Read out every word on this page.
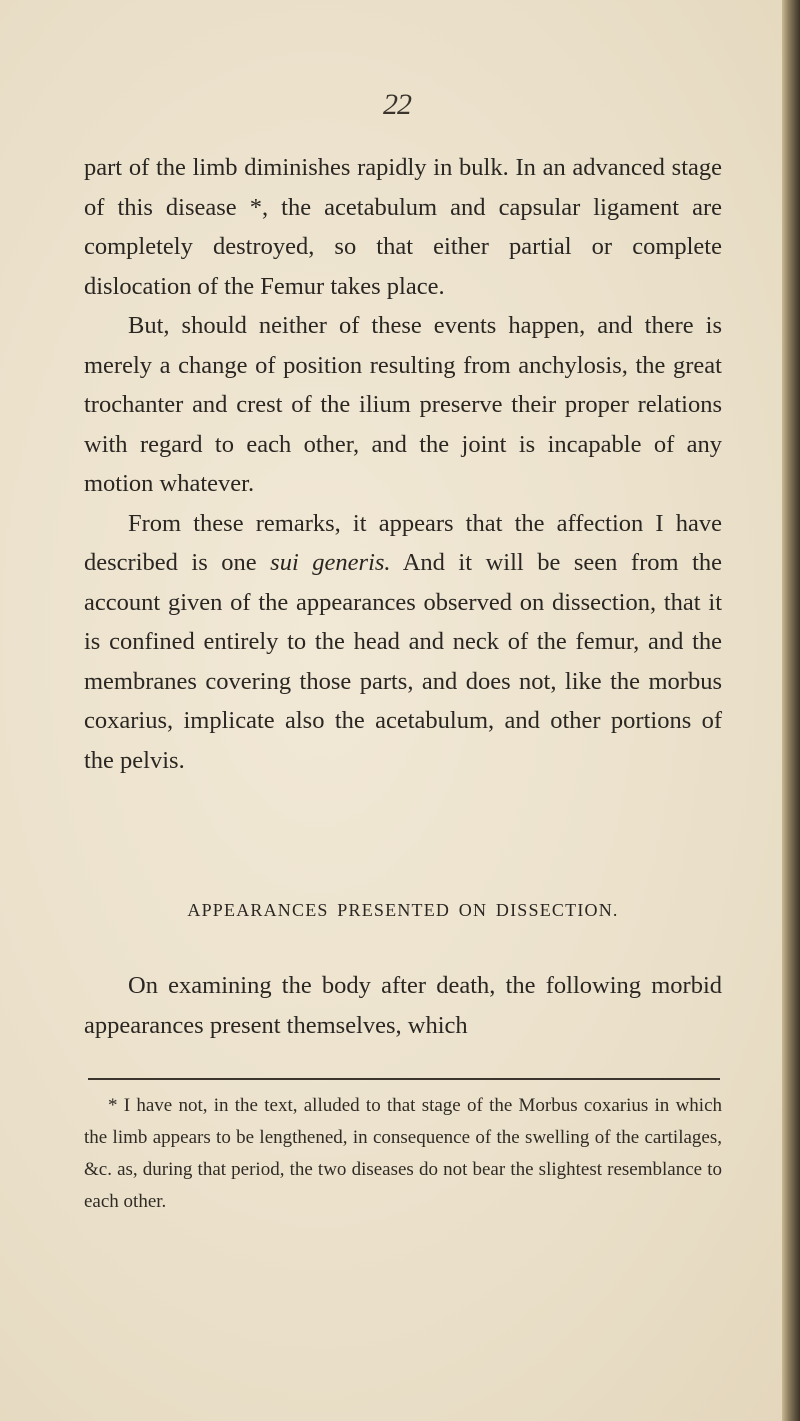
22

part of the limb diminishes rapidly in bulk. In an advanced stage of this disease *, the acetabulum and capsular ligament are completely destroyed, so that either partial or complete dislocation of the Femur takes place.

But, should neither of these events happen, and there is merely a change of position resulting from anchylosis, the great trochanter and crest of the ilium preserve their proper relations with regard to each other, and the joint is incapable of any motion whatever.

From these remarks, it appears that the affection I have described is one sui generis. And it will be seen from the account given of the appearances observed on dissection, that it is confined entirely to the head and neck of the femur, and the membranes covering those parts, and does not, like the morbus coxarius, implicate also the acetabulum, and other portions of the pelvis.

APPEARANCES PRESENTED ON DISSECTION.

On examining the body after death, the following morbid appearances present themselves, which

* I have not, in the text, alluded to that stage of the Morbus coxarius in which the limb appears to be lengthened, in consequence of the swelling of the cartilages, &c. as, during that period, the two diseases do not bear the slightest resemblance to each other.
